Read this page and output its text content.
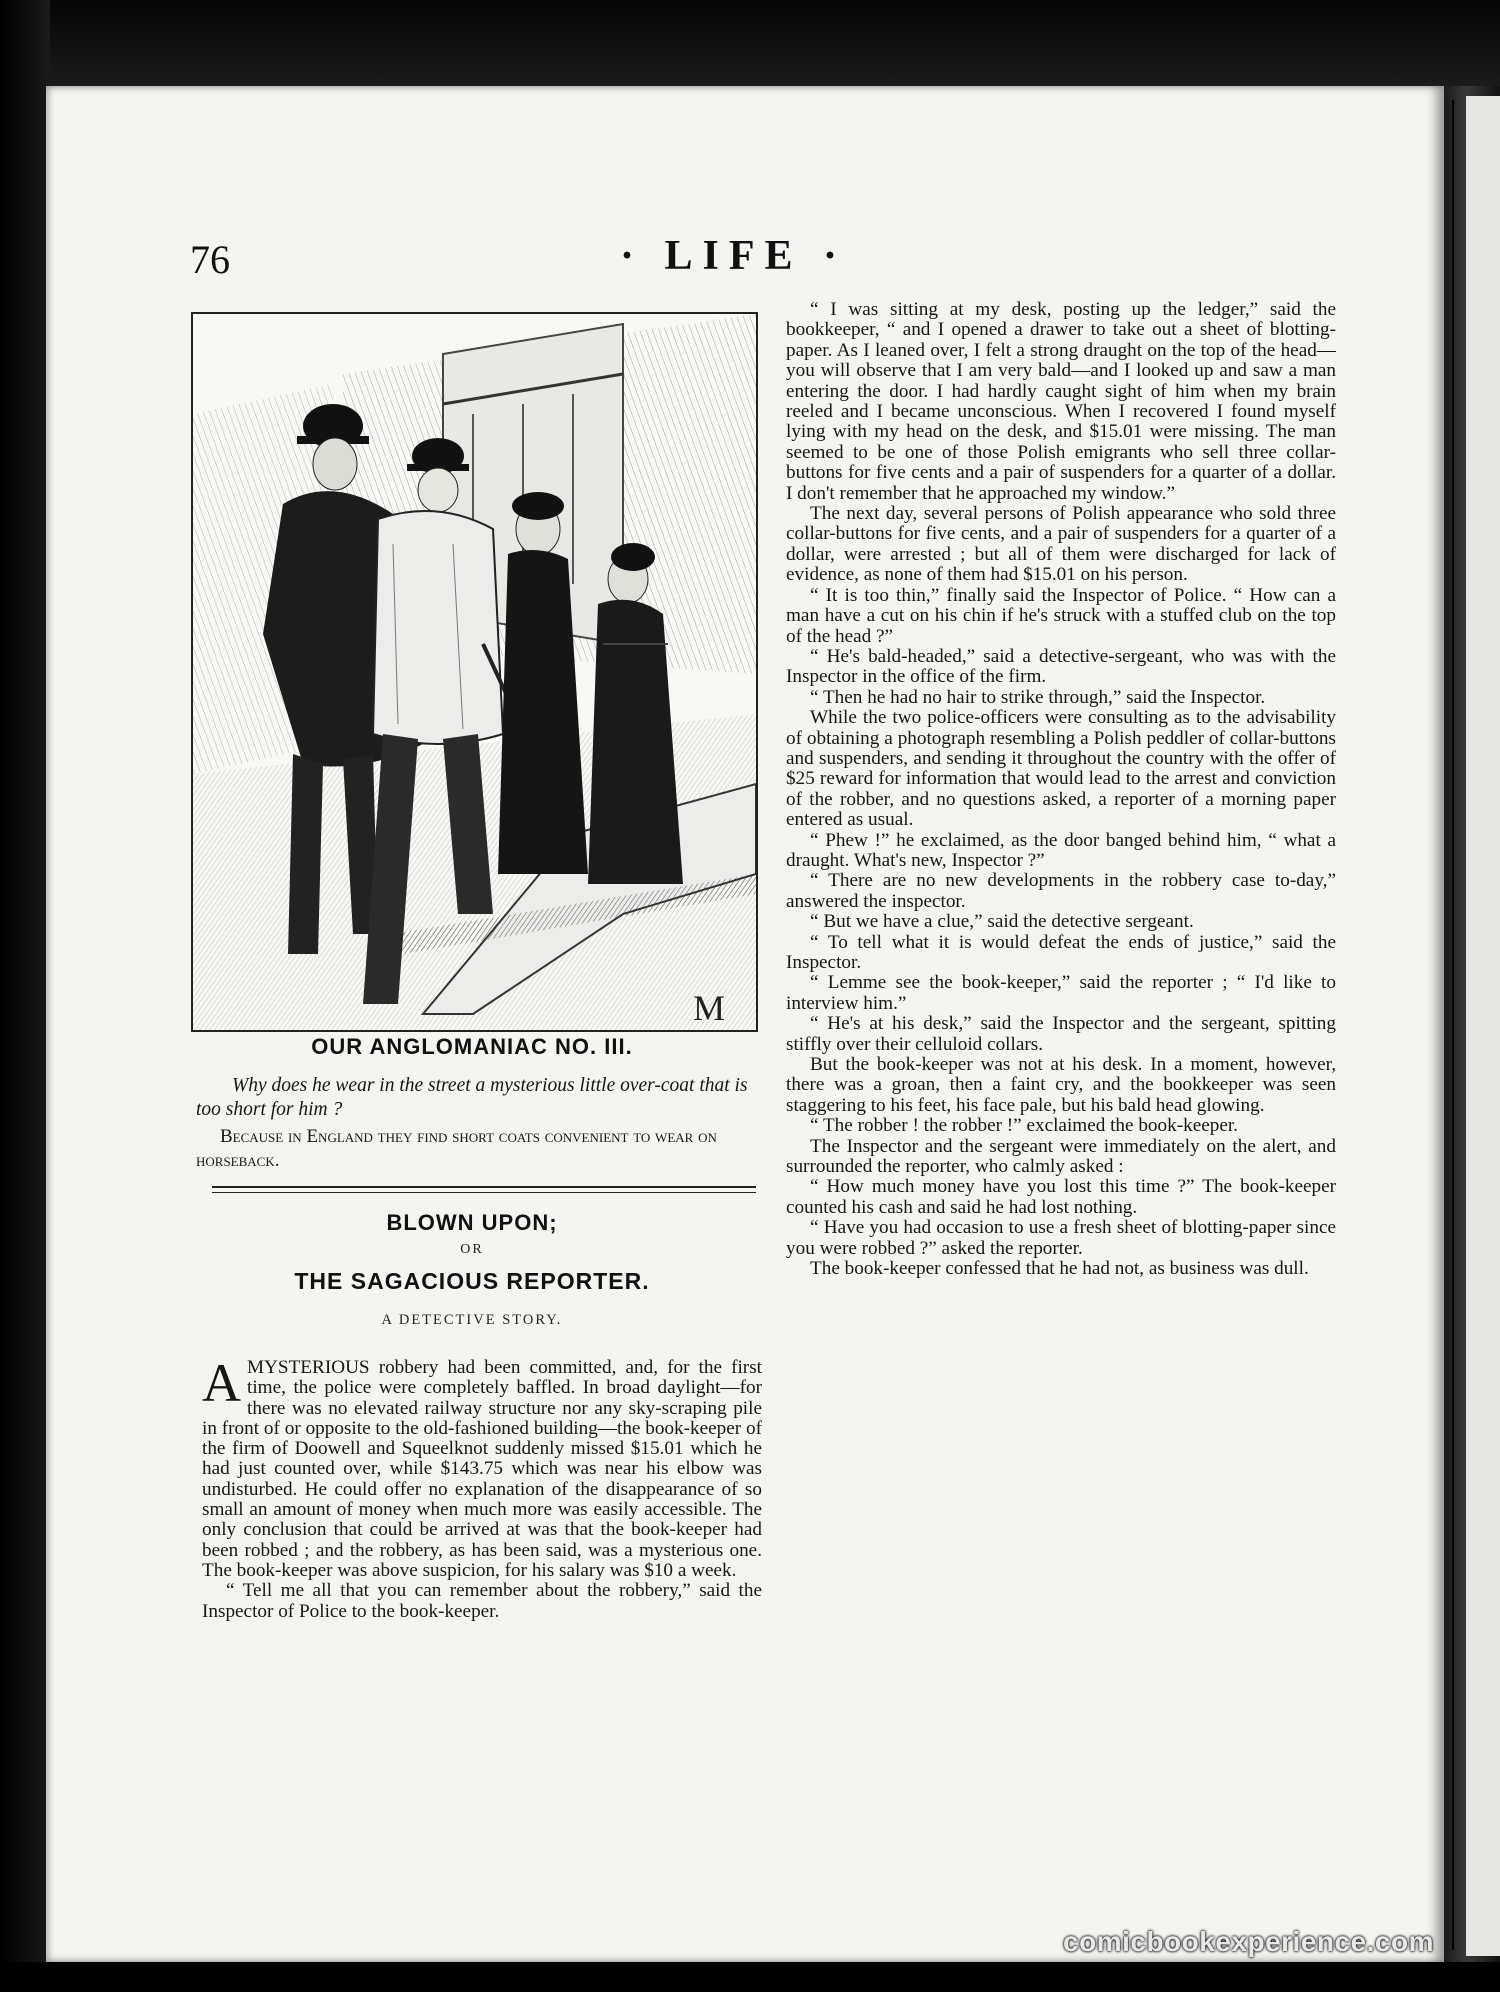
76	· LIFE ·
M
OUR ANGLOMANIAC NO. III.
Why does he wear in the street a mysterious little over-coat that is too short for him ?
Because in England they find short coats convenient to wear on horseback.
BLOWN UPON;
OR
THE SAGACIOUS REPORTER.
A DETECTIVE STORY.

AMYSTERIOUS robbery had been committed, and, for the first time, the police were completely baffled. In broad daylight—for there was no elevated railway structure nor any sky-scraping pile in front of or opposite to the old-fashioned building—the book-keeper of the firm of Doowell and Squeelknot suddenly missed $15.01 which he had just counted over, while $143.75 which was near his elbow was undisturbed. He could offer no explanation of the disappearance of so small an amount of money when much more was easily accessible. The only conclusion that could be arrived at was that the book-keeper had been robbed ; and the robbery, as has been said, was a mysterious one. The book-keeper was above suspicion, for his salary was $10 a week.

“ Tell me all that you can remember about the robbery,” said the Inspector of Police to the book-keeper.

“ I was sitting at my desk, posting up the ledger,” said the bookkeeper, “ and I opened a drawer to take out a sheet of blotting-paper. As I leaned over, I felt a strong draught on the top of the head—you will observe that I am very bald—and I looked up and saw a man entering the door. I had hardly caught sight of him when my brain reeled and I became unconscious. When I recovered I found myself lying with my head on the desk, and $15.01 were missing. The man seemed to be one of those Polish emigrants who sell three collar-buttons for five cents and a pair of suspenders for a quarter of a dollar. I don't remember that he approached my window.”

The next day, several persons of Polish appearance who sold three collar-buttons for five cents, and a pair of suspenders for a quarter of a dollar, were arrested ; but all of them were discharged for lack of evidence, as none of them had $15.01 on his person.

“ It is too thin,” finally said the Inspector of Police. “ How can a man have a cut on his chin if he's struck with a stuffed club on the top of the head ?”

“ He's bald-headed,” said a detective-sergeant, who was with the Inspector in the office of the firm.

“ Then he had no hair to strike through,” said the Inspector.

While the two police-officers were consulting as to the advisability of obtaining a photograph resembling a Polish peddler of collar-buttons and suspenders, and sending it throughout the country with the offer of $25 reward for information that would lead to the arrest and conviction of the robber, and no questions asked, a reporter of a morning paper entered as usual.

“ Phew !” he exclaimed, as the door banged behind him, “ what a draught. What's new, Inspector ?”

“ There are no new developments in the robbery case to-day,” answered the inspector.

“ But we have a clue,” said the detective sergeant.

“ To tell what it is would defeat the ends of justice,” said the Inspector.

“ Lemme see the book-keeper,” said the reporter ; “ I'd like to interview him.”

“ He's at his desk,” said the Inspector and the sergeant, spitting stiffly over their celluloid collars.

But the book-keeper was not at his desk. In a moment, however, there was a groan, then a faint cry, and the bookkeeper was seen staggering to his feet, his face pale, but his bald head glowing.

“ The robber ! the robber !” exclaimed the book-keeper.

The Inspector and the sergeant were immediately on the alert, and surrounded the reporter, who calmly asked :

“ How much money have you lost this time ?” The book-keeper counted his cash and said he had lost nothing.

“ Have you had occasion to use a fresh sheet of blotting-paper since you were robbed ?” asked the reporter.

The book-keeper confessed that he had not, as business was dull.

comicbookexperience.com
